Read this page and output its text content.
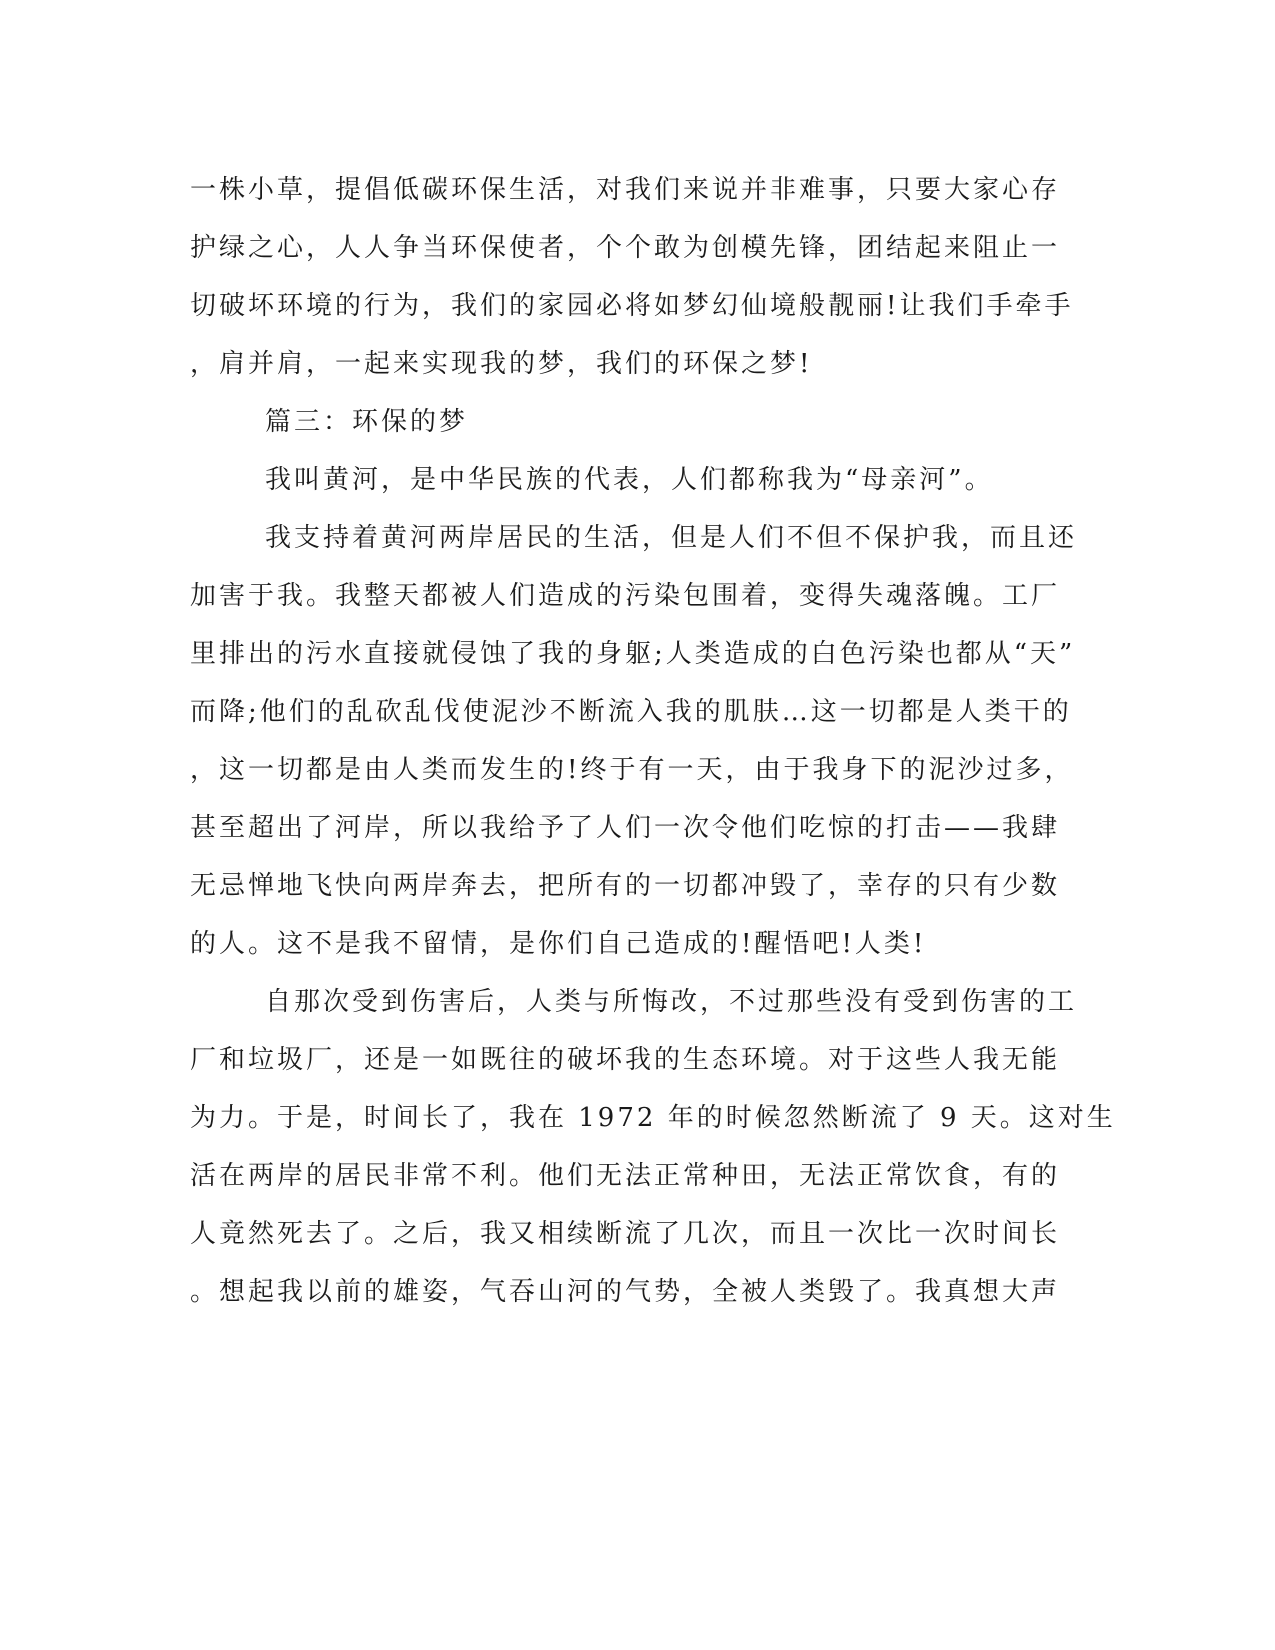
一株小草，提倡低碳环保生活，对我们来说并非难事，只要大家心存
护绿之心，人人争当环保使者，个个敢为创模先锋，团结起来阻止一
切破坏环境的行为，我们的家园必将如梦幻仙境般靓丽!让我们手牵手
，肩并肩，一起来实现我的梦，我们的环保之梦!
篇三：环保的梦
我叫黄河，是中华民族的代表，人们都称我为“母亲河”。
我支持着黄河两岸居民的生活，但是人们不但不保护我，而且还
加害于我。我整天都被人们造成的污染包围着，变得失魂落魄。工厂
里排出的污水直接就侵蚀了我的身躯;人类造成的白色污染也都从“天”
而降;他们的乱砍乱伐使泥沙不断流入我的肌肤…这一切都是人类干的
，这一切都是由人类而发生的!终于有一天，由于我身下的泥沙过多，
甚至超出了河岸，所以我给予了人们一次令他们吃惊的打击——我肆
无忌惮地飞快向两岸奔去，把所有的一切都冲毁了，幸存的只有少数
的人。这不是我不留情，是你们自己造成的!醒悟吧!人类!
自那次受到伤害后，人类与所悔改，不过那些没有受到伤害的工
厂和垃圾厂，还是一如既往的破坏我的生态环境。对于这些人我无能
为力。于是，时间长了，我在 1972 年的时候忽然断流了 9 天。这对生
活在两岸的居民非常不利。他们无法正常种田，无法正常饮食，有的
人竟然死去了。之后，我又相续断流了几次，而且一次比一次时间长
。想起我以前的雄姿，气吞山河的气势，全被人类毁了。我真想大声
